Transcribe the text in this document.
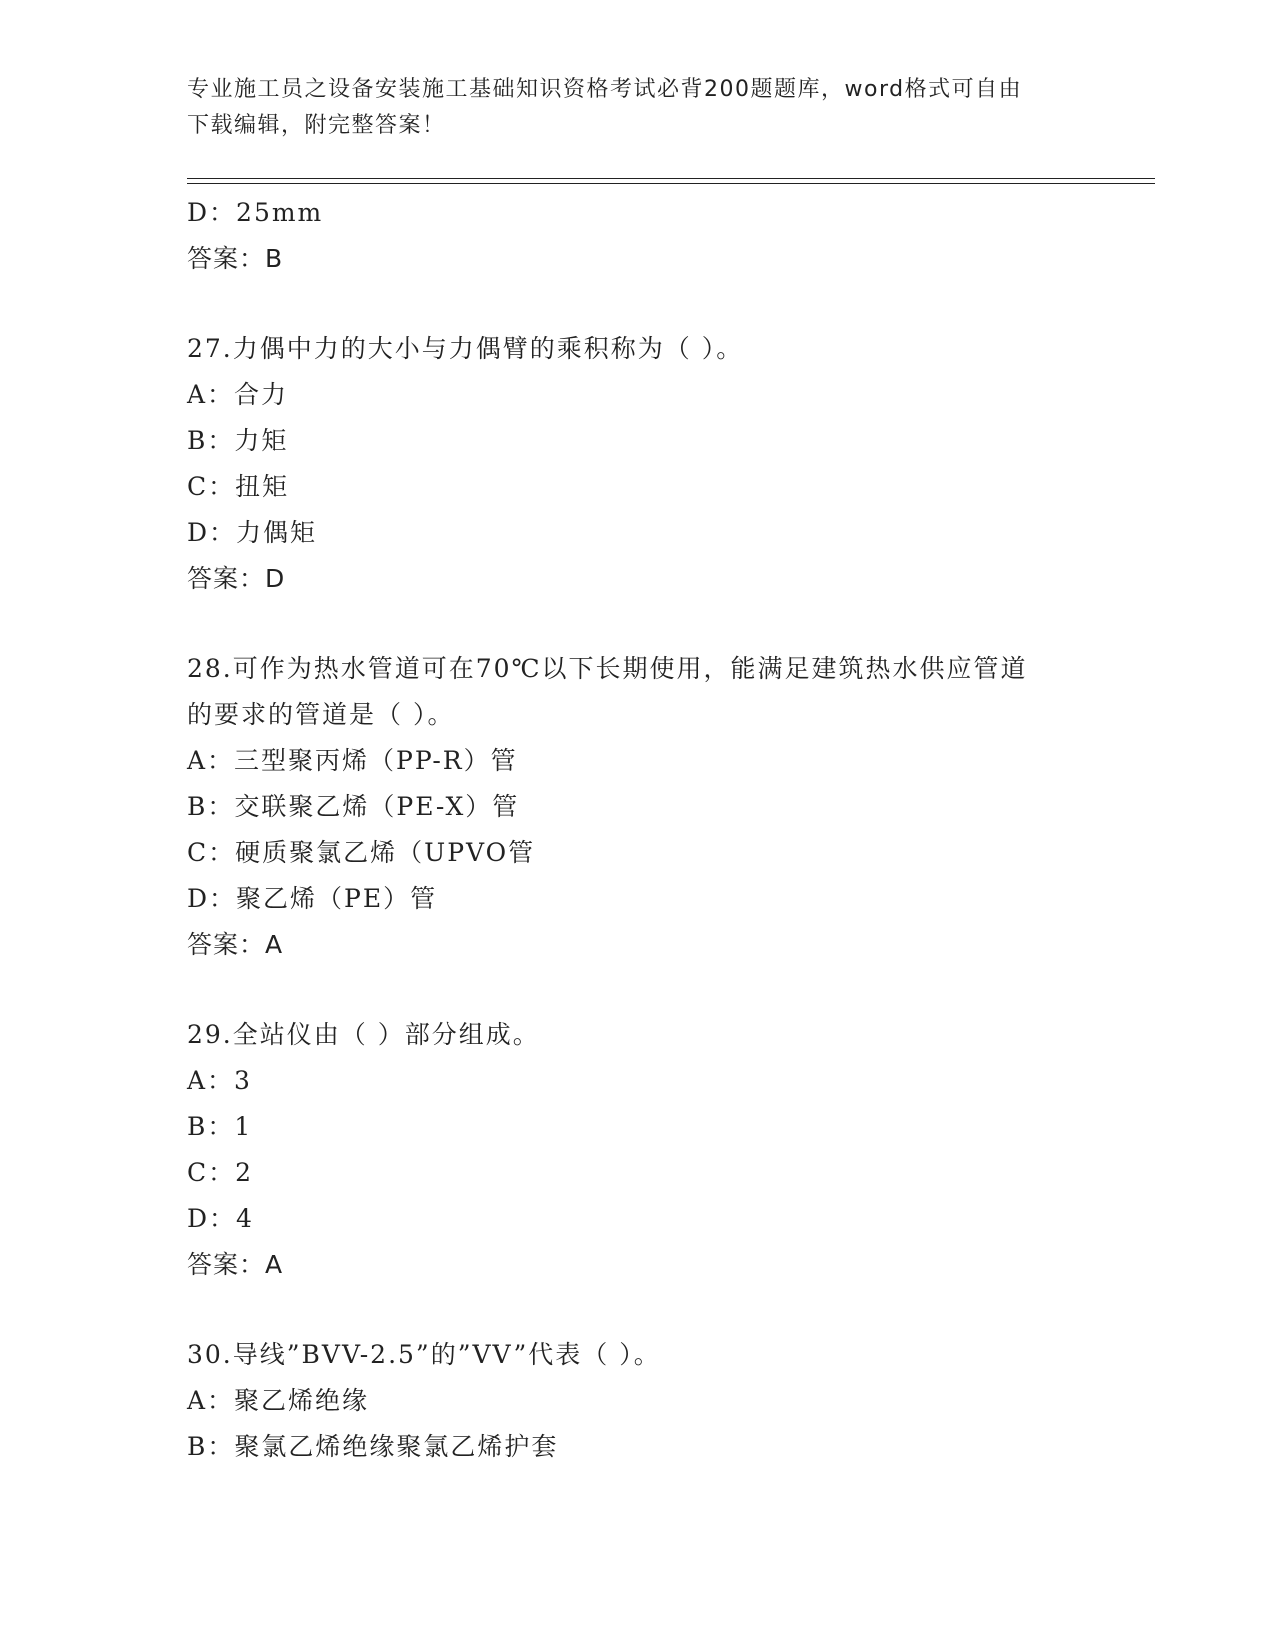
专业施工员之设备安装施工基础知识资格考试必背200题题库，word格式可自由
下载编辑，附完整答案！
D：25mm
答案：B
27.力偶中力的大小与力偶臂的乘积称为（ ）。
A：合力
B：力矩
C：扭矩
D：力偶矩
答案：D
28.可作为热水管道可在70℃以下长期使用，能满足建筑热水供应管道
的要求的管道是（ ）。
A：三型聚丙烯（PP-R）管
B：交联聚乙烯（PE-X）管
C：硬质聚氯乙烯（UPVO管
D：聚乙烯（PE）管
答案：A
29.全站仪由（ ）部分组成。
A：3
B：1
C：2
D：4
答案：A
30.导线”BVV-2.5”的”VV”代表（ ）。
A：聚乙烯绝缘
B：聚氯乙烯绝缘聚氯乙烯护套
